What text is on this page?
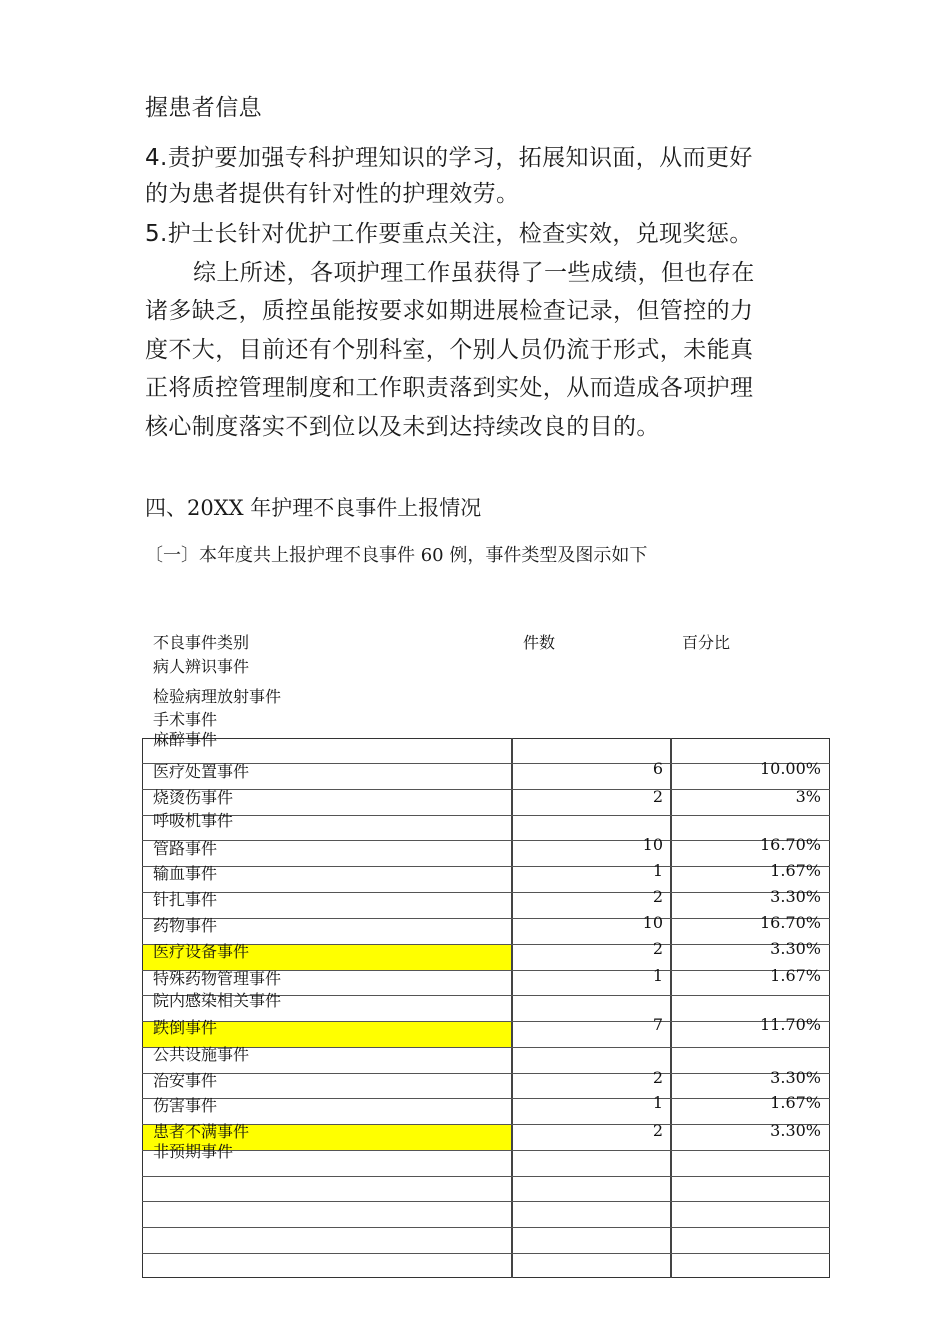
握患者信息

4.责护要加强专科护理知识的学习，拓展知识面，从而更好

的为患者提供有针对性的护理效劳。

5.护士长针对优护工作要重点关注，检查实效，兑现奖惩。

综上所述，各项护理工作虽获得了一些成绩，但也存在

诸多缺乏，质控虽能按要求如期进展检查记录，但管控的力

度不大，目前还有个别科室，个别人员仍流于形式，未能真

正将质控管理制度和工作职责落到实处，从而造成各项护理

核心制度落实不到位以及未到达持续改良的目的。

四、20XX 年护理不良事件上报情况

〔一〕本年度共上报护理不良事件 60 例，事件类型及图示如下

不良事件类别	件数	百分比
病人辨识事件
检验病理放射事件
手术事件
麻醉事件
医疗处置事件	6	10.00%
烧烫伤事件	2	3%
呼吸机事件
管路事件	10	16.70%
输血事件	1	1.67%
针扎事件	2	3.30%
药物事件	10	16.70%
医疗设备事件	2	3.30%
特殊药物管理事件	1	1.67%
院内感染相关事件
跌倒事件	7	11.70%
公共设施事件
治安事件	2	3.30%
伤害事件	1	1.67%
患者不满事件	2	3.30%
非预期事件
